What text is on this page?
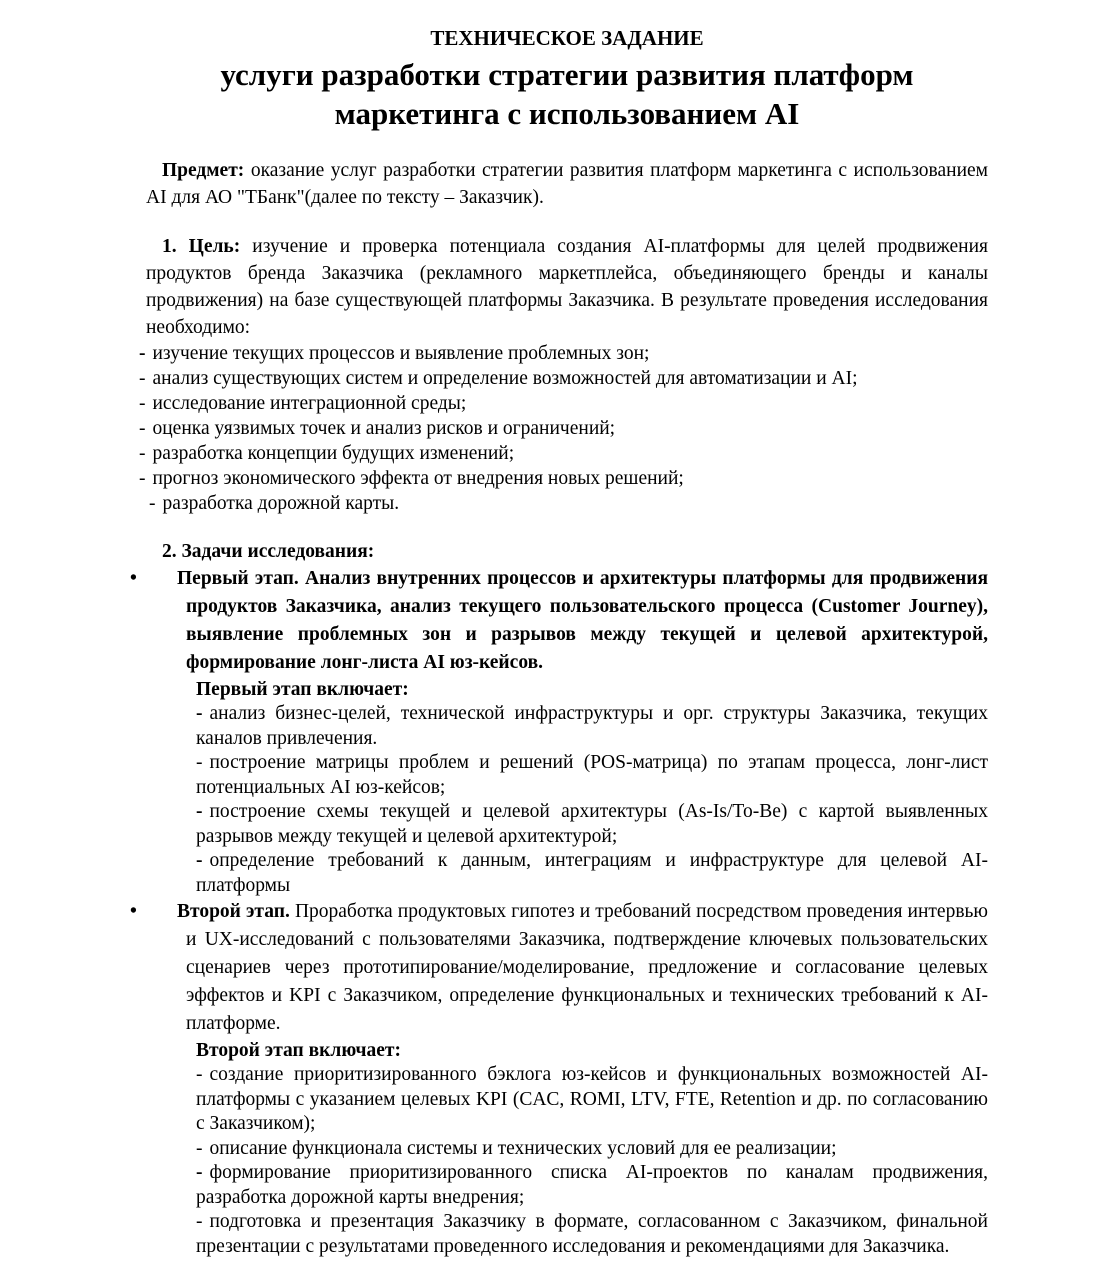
ТЕХНИЧЕСКОЕ ЗАДАНИЕ

услуги разработки стратегии развития платформ
маркетинга с использованием AI

Предмет: оказание услуг разработки стратегии развития платформ маркетинга с использованием AI для АО "ТБанк"(далее по тексту – Заказчик).

1. Цель: изучение и проверка потенциала создания AI-платформы для целей продвижения продуктов бренда Заказчика (рекламного маркетплейса, объединяющего бренды и каналы продвижения) на базе существующей платформы Заказчика. В результате проведения исследования необходимо:

- изучение текущих процессов и выявление проблемных зон;
- анализ существующих систем и определение возможностей для автоматизации и AI;
- исследование интеграционной среды;
- оценка уязвимых точек и анализ рисков и ограничений;
- разработка концепции будущих изменений;
- прогноз экономического эффекта от внедрения новых решений;
- разработка дорожной карты.

2. Задачи исследования:

• Первый этап. Анализ внутренних процессов и архитектуры платформы для продвижения продуктов Заказчика, анализ текущего пользовательского процесса (Customer Journey), выявление проблемных зон и разрывов между текущей и целевой архитектурой, формирование лонг-листа AI юз-кейсов.

Первый этап включает:

- анализ бизнес-целей, технической инфраструктуры и орг. структуры Заказчика, текущих каналов привлечения.

- построение матрицы проблем и решений (POS-матрица) по этапам процесса, лонг-лист потенциальных AI юз-кейсов;

- построение схемы текущей и целевой архитектуры (As-Is/To-Be) с картой выявленных разрывов между текущей и целевой архитектурой;

- определение требований к данным, интеграциям и инфраструктуре для целевой AI-платформы

• Второй этап. Проработка продуктовых гипотез и требований посредством проведения интервью и UX-исследований с пользователями Заказчика, подтверждение ключевых пользовательских сценариев через прототипирование/моделирование, предложение и согласование целевых эффектов и KPI с Заказчиком, определение функциональных и технических требований к AI-платформе.

Второй этап включает:

- создание приоритизированного бэклога юз-кейсов и функциональных возможностей AI-платформы с указанием целевых KPI (CAC, ROMI, LTV, FTE, Retention и др. по согласованию с Заказчиком);

- описание функционала системы и технических условий для ее реализации;

- формирование приоритизированного списка AI-проектов по каналам продвижения, разработка дорожной карты внедрения;

- подготовка и презентация Заказчику в формате, согласованном с Заказчиком, финальной презентации с результатами проведенного исследования и рекомендациями для Заказчика.
